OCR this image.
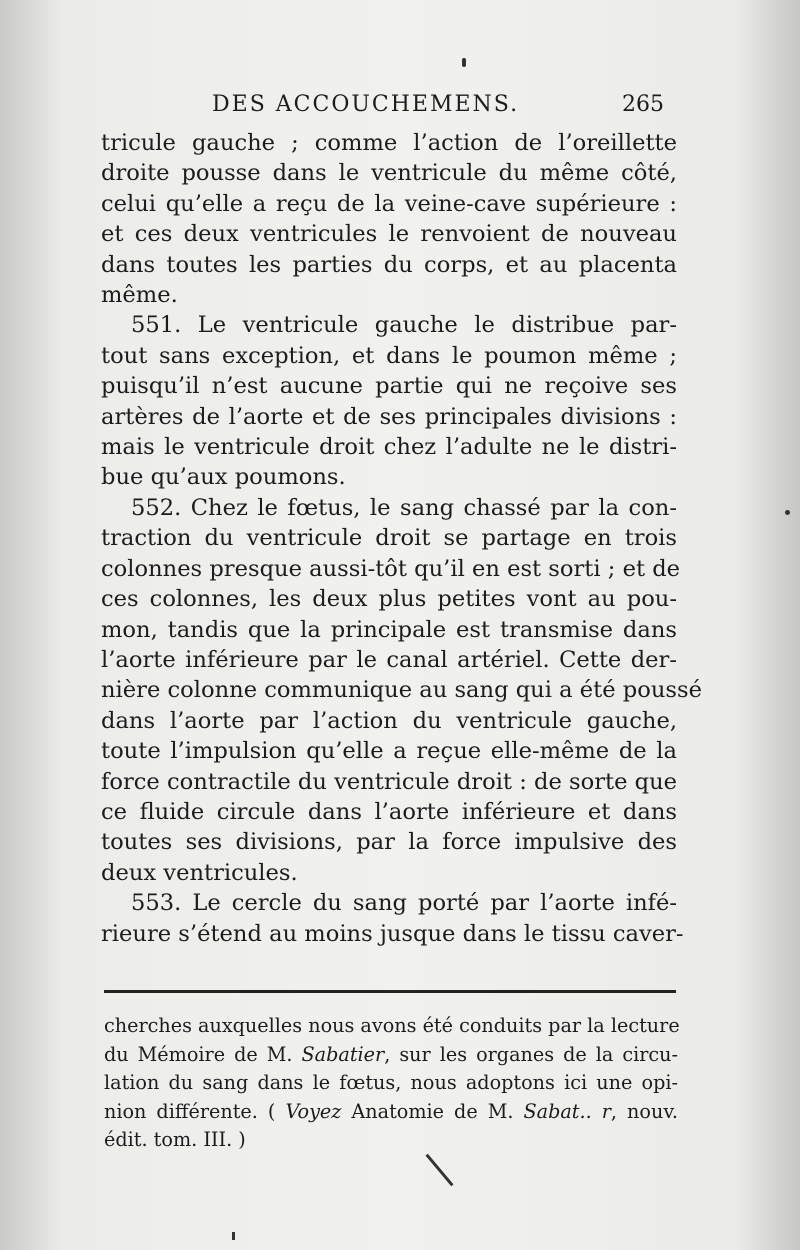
DES ACCOUCHEMENS.	265
tricule gauche ; comme l’action de l’oreillette
droite pousse dans le ventricule du même côté,
celui qu’elle a reçu de la veine-cave supérieure :
et ces deux ventricules le renvoient de nouveau
dans toutes les parties du corps, et au placenta
même.
551. Le ventricule gauche le distribue par-
tout sans exception, et dans le poumon même ;
puisqu’il n’est aucune partie qui ne reçoive ses
artères de l’aorte et de ses principales divisions :
mais le ventricule droit chez l’adulte ne le distri-
bue qu’aux poumons.
552. Chez le fœtus, le sang chassé par la con-
traction du ventricule droit se partage en trois
colonnes presque aussi-tôt qu’il en est sorti ; et de
ces colonnes, les deux plus petites vont au pou-
mon, tandis que la principale est transmise dans
l’aorte inférieure par le canal artériel. Cette der-
nière colonne communique au sang qui a été poussé
dans l’aorte par l’action du ventricule gauche,
toute l’impulsion qu’elle a reçue elle-même de la
force contractile du ventricule droit : de sorte que
ce fluide circule dans l’aorte inférieure et dans
toutes ses divisions, par la force impulsive des
deux ventricules.
553. Le cercle du sang porté par l’aorte infé-
rieure s’étend au moins jusque dans le tissu caver-
cherches auxquelles nous avons été conduits par la lecture
du Mémoire de M. Sabatier, sur les organes de la circu-
lation du sang dans le fœtus, nous adoptons ici une opi-
nion différente. ( Voyez Anatomie de M. Sabat.. r, nouv.
édit. tom. III. )
